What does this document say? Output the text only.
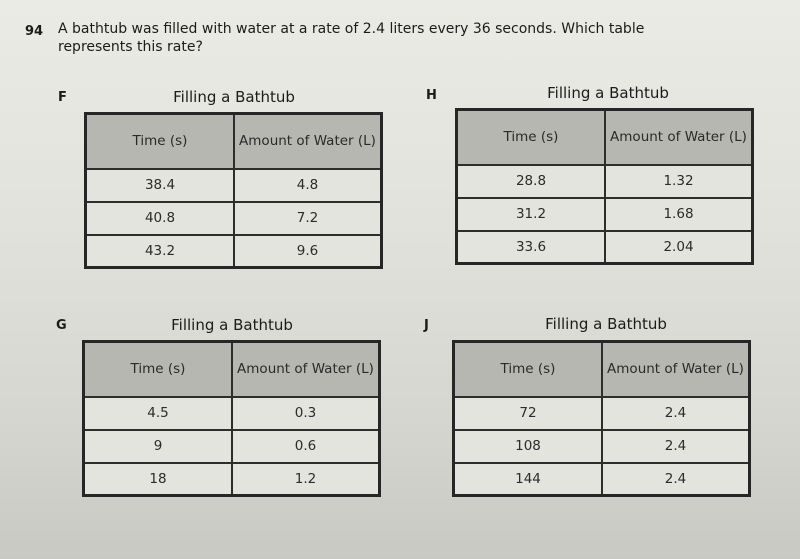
94 A bathtub was filled with water at a rate of 2.4 liters every 36 seconds. Which table represents this rate?
F	Filling a Bathtub
Time (s)	Amount of Water (L)
38.4	4.8
40.8	7.2
43.2	9.6
H	Filling a Bathtub
Time (s)	Amount of Water (L)
28.8	1.32
31.2	1.68
33.6	2.04
G	Filling a Bathtub
Time (s)	Amount of Water (L)
4.5	0.3
9	0.6
18	1.2
J	Filling a Bathtub
Time (s)	Amount of Water (L)
72	2.4
108	2.4
144	2.4
